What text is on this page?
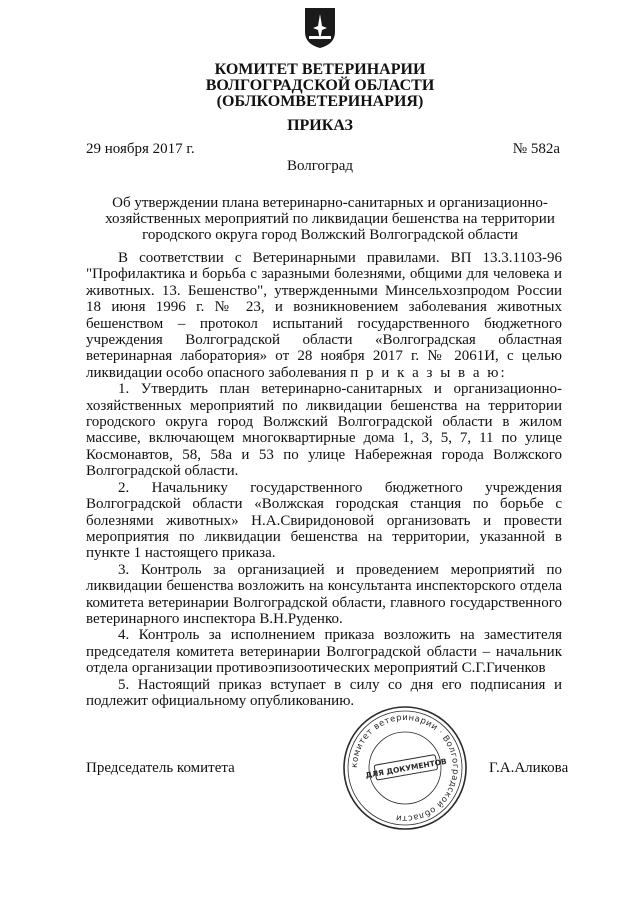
КОМИТЕТ ВЕТЕРИНАРИИ
ВОЛГОГРАДСКОЙ ОБЛАСТИ
(ОБЛКОМВЕТЕРИНАРИЯ)
ПРИКАЗ
29 ноября 2017 г.	№ 582а
Волгоград
Об утверждении плана ветеринарно-санитарных и организационно-хозяйственных мероприятий по ликвидации бешенства на территории городского округа город Волжский Волгоградской области

В соответствии с Ветеринарными правилами. ВП 13.3.1103-96 "Профилактика и борьба с заразными болезнями, общими для человека и животных. 13. Бешенство", утвержденными Минсельхозпродом России 18 июня 1996 г. № 23, и возникновением заболевания животных бешенством – протокол испытаний государственного бюджетного учреждения Волгоградской области «Волгоградская областная ветеринарная лаборатория» от 28 ноября 2017 г. № 2061И, с целью ликвидации особо опасного заболевания п р и к а з ы в а ю:

1. Утвердить план ветеринарно-санитарных и организационно-хозяйственных мероприятий по ликвидации бешенства на территории городского округа город Волжский Волгоградской области в жилом массиве, включающем многоквартирные дома 1, 3, 5, 7, 11 по улице Космонавтов, 58, 58а и 53 по улице Набережная города Волжского Волгоградской области.

2. Начальнику государственного бюджетного учреждения Волгоградской области «Волжская городская станция по борьбе с болезнями животных» Н.А.Свиридоновой организовать и провести мероприятия по ликвидации бешенства на территории, указанной в пункте 1 настоящего приказа.

3. Контроль за организацией и проведением мероприятий по ликвидации бешенства возложить на консультанта инспекторского отдела комитета ветеринарии Волгоградской области, главного государственного ветеринарного инспектора В.Н.Руденко.

4. Контроль за исполнением приказа возложить на заместителя председателя комитета ветеринарии Волгоградской области – начальник отдела организации противоэпизоотических мероприятий С.Г.Гиченков

5. Настоящий приказ вступает в силу со дня его подписания и подлежит официальному опубликованию.

Председатель комитета	Г.А.Аликова
комитет ветеринарии · Волгоградской области
ДЛЯ ДОКУМЕНТОВ
